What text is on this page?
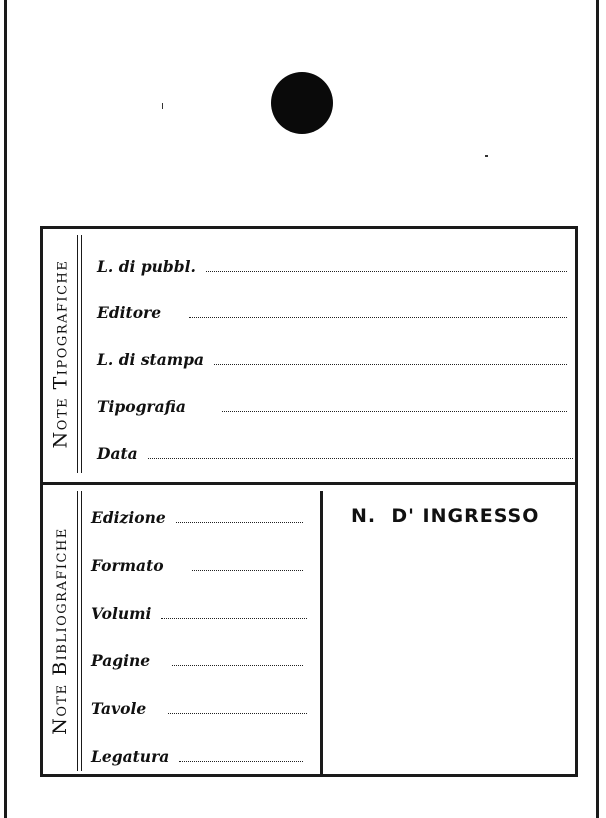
Note Tipografiche L. di pubbl.
Editore
L. di stampa
Tipografia
Data
Note Bibliografiche
Edizione
Formato
Volumi
Pagine
Tavole
Legatura
N.  D' INGRESSO
